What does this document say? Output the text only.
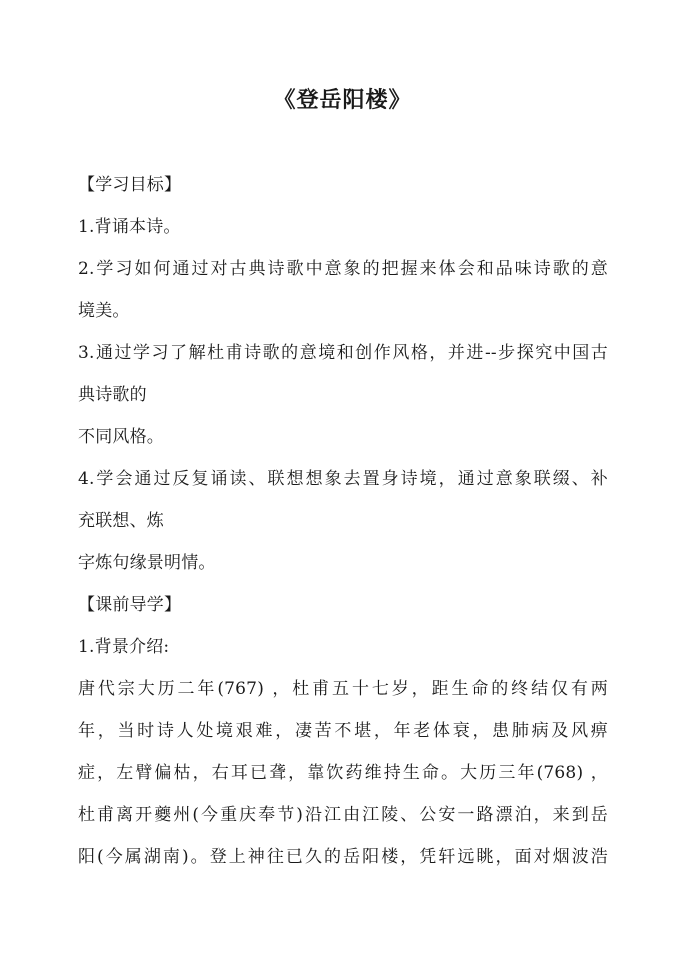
《登岳阳楼》
【学习目标】
1.背诵本诗。
2.学习如何通过对古典诗歌中意象的把握来体会和品味诗歌的意
境美。
3.通过学习了解杜甫诗歌的意境和创作风格，并进--步探究中国古
典诗歌的
不同风格。
4.学会通过反复诵读、联想想象去置身诗境，通过意象联缀、补
充联想、炼
字炼句缘景明情。
【课前导学】
1.背景介绍:
唐代宗大历二年(767) ，杜甫五十七岁，距生命的终结仅有两
年，当时诗人处境艰难，凄苦不堪，年老体衰，患肺病及风痹
症，左臂偏枯，右耳已聋，靠饮药维持生命。大历三年(768) ，
杜甫离开夔州(今重庆奉节)沿江由江陵、公安一路漂泊，来到岳
阳(今属湖南)。登上神往已久的岳阳楼，凭轩远眺，面对烟波浩
